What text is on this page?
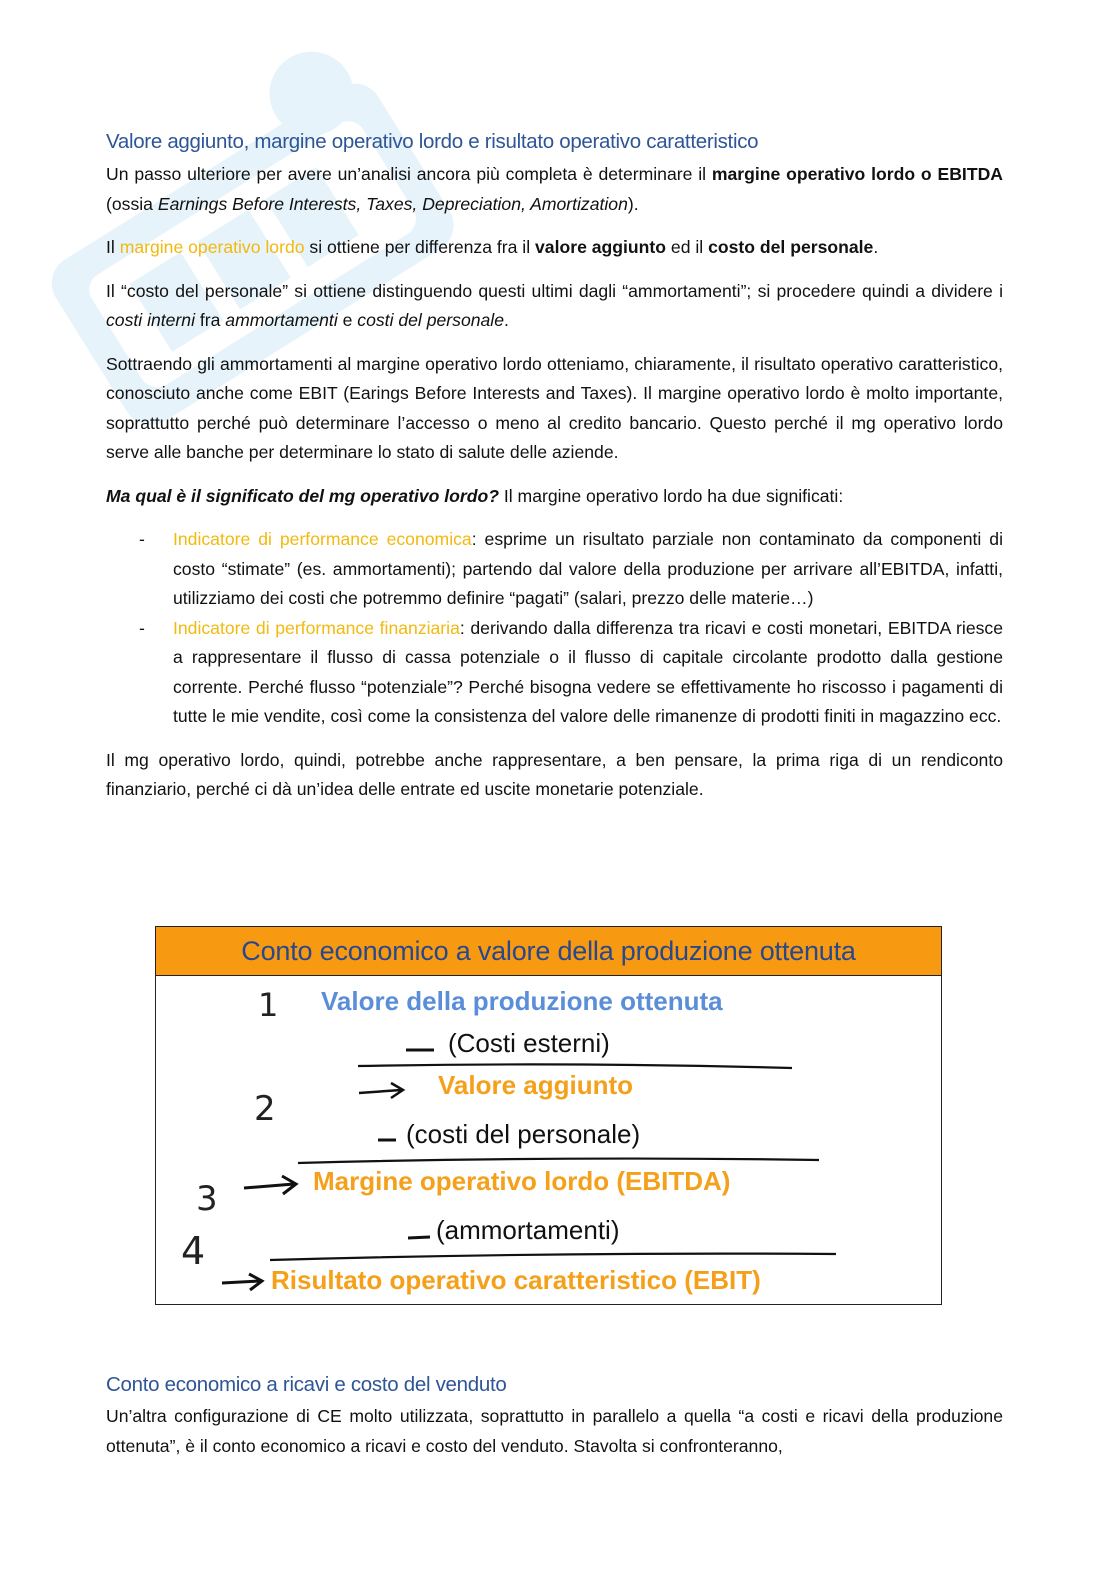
Valore aggiunto, margine operativo lordo e risultato operativo caratteristico

Un passo ulteriore per avere un’analisi ancora più completa è determinare il margine operativo lordo o EBITDA (ossia Earnings Before Interests, Taxes, Depreciation, Amortization).

Il margine operativo lordo si ottiene per differenza fra il valore aggiunto ed il costo del personale.

Il “costo del personale” si ottiene distinguendo questi ultimi dagli “ammortamenti”; si procedere quindi a dividere i costi interni fra ammortamenti e costi del personale.

Sottraendo gli ammortamenti al margine operativo lordo otteniamo, chiaramente, il risultato operativo caratteristico, conosciuto anche come EBIT (Earings Before Interests and Taxes). Il margine operativo lordo è molto importante, soprattutto perché può determinare l’accesso o meno al credito bancario. Questo perché il mg operativo lordo serve alle banche per determinare lo stato di salute delle aziende.

Ma qual è il significato del mg operativo lordo? Il margine operativo lordo ha due significati:

- Indicatore di performance economica: esprime un risultato parziale non contaminato da componenti di costo “stimate” (es. ammortamenti); partendo dal valore della produzione per arrivare all’EBITDA, infatti, utilizziamo dei costi che potremmo definire “pagati” (salari, prezzo delle materie…)
- Indicatore di performance finanziaria: derivando dalla differenza tra ricavi e costi monetari, EBITDA riesce a rappresentare il flusso di cassa potenziale o il flusso di capitale circolante prodotto dalla gestione corrente. Perché flusso “potenziale”? Perché bisogna vedere se effettivamente ho riscosso i pagamenti di tutte le mie vendite, così come la consistenza del valore delle rimanenze di prodotti finiti in magazzino ecc.

Il mg operativo lordo, quindi, potrebbe anche rappresentare, a ben pensare, la prima riga di un rendiconto finanziario, perché ci dà un’idea delle entrate ed uscite monetarie potenziale.

Conto economico a valore della produzione ottenuta
1
2
3
4
Valore della produzione ottenuta
(Costi esterni)
Valore aggiunto
(costi del personale)
Margine operativo lordo (EBITDA)
(ammortamenti)
Risultato operativo caratteristico (EBIT)
Conto economico a ricavi e costo del venduto

Un’altra configurazione di CE molto utilizzata, soprattutto in parallelo a quella “a costi e ricavi della produzione ottenuta”, è il conto economico a ricavi e costo del venduto. Stavolta si confronteranno,
